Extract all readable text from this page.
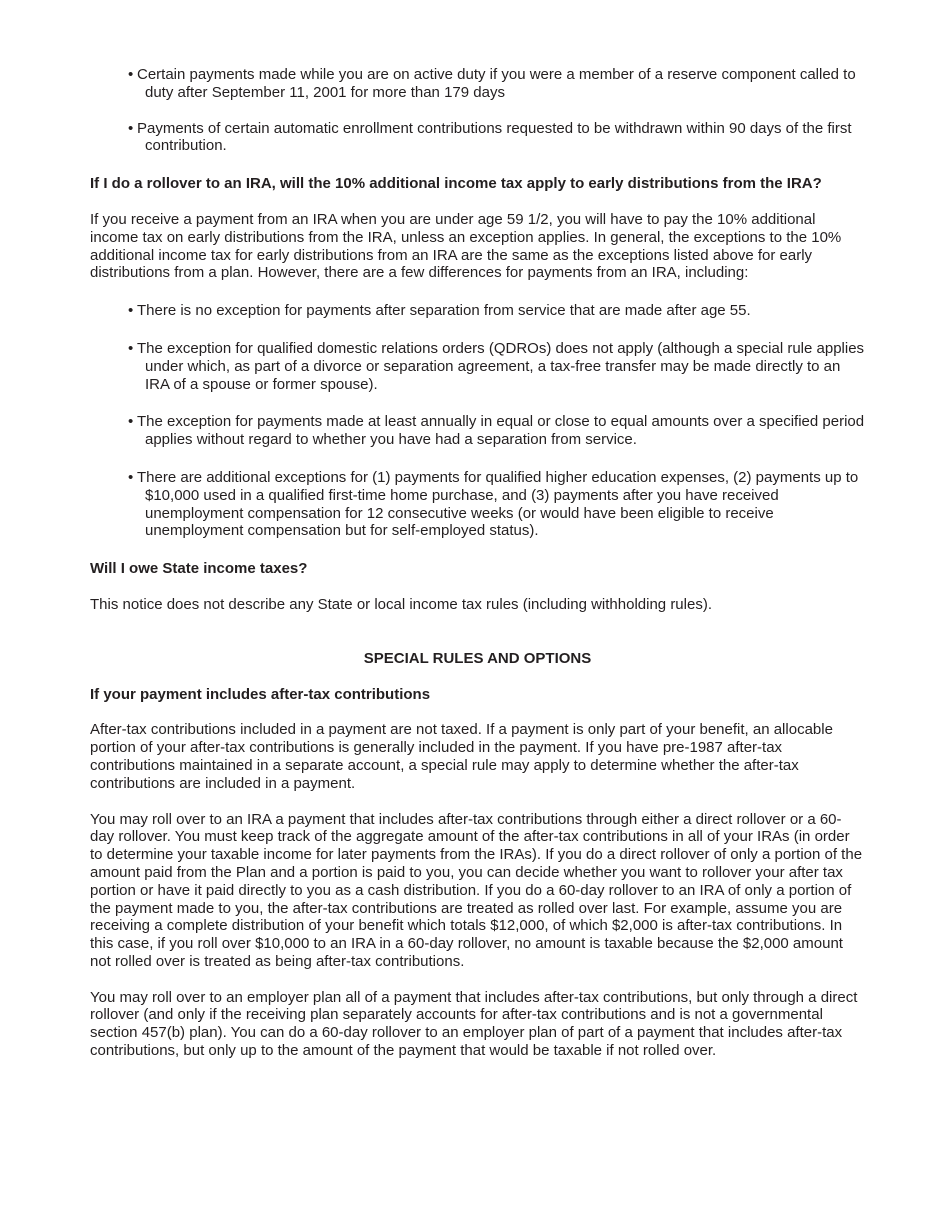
• Certain payments made while you are on active duty if you were a member of a reserve component called to duty after September 11, 2001 for more than 179 days
• Payments of certain automatic enrollment contributions requested to be withdrawn within 90 days of the first contribution.

If I do a rollover to an IRA, will the 10% additional income tax apply to early distributions from the IRA?

If you receive a payment from an IRA when you are under age 59 1/2, you will have to pay the 10% additional income tax on early distributions from the IRA, unless an exception applies. In general, the exceptions to the 10% additional income tax for early distributions from an IRA are the same as the exceptions listed above for early distributions from a plan. However, there are a few differences for payments from an IRA, including:

• There is no exception for payments after separation from service that are made after age 55.
• The exception for qualified domestic relations orders (QDROs) does not apply (although a special rule applies under which, as part of a divorce or separation agreement, a tax-free transfer may be made directly to an IRA of a spouse or former spouse).
• The exception for payments made at least annually in equal or close to equal amounts over a specified period applies without regard to whether you have had a separation from service.
• There are additional exceptions for (1) payments for qualified higher education expenses, (2) payments up to $10,000 used in a qualified first-time home purchase, and (3) payments after you have received unemployment compensation for 12 consecutive weeks (or would have been eligible to receive unemployment compensation but for self-employed status).

Will I owe State income taxes?

This notice does not describe any State or local income tax rules (including withholding rules).

SPECIAL RULES AND OPTIONS

If your payment includes after-tax contributions

After-tax contributions included in a payment are not taxed. If a payment is only part of your benefit, an allocable portion of your after-tax contributions is generally included in the payment. If you have pre-1987 after-tax contributions maintained in a separate account, a special rule may apply to determine whether the after-tax contributions are included in a payment.

You may roll over to an IRA a payment that includes after-tax contributions through either a direct rollover or a 60-day rollover. You must keep track of the aggregate amount of the after-tax contributions in all of your IRAs (in order to determine your taxable income for later payments from the IRAs). If you do a direct rollover of only a portion of the amount paid from the Plan and a portion is paid to you, you can decide whether you want to rollover your after tax portion or have it paid directly to you as a cash distribution. If you do a 60-day rollover to an IRA of only a portion of the payment made to you, the after-tax contributions are treated as rolled over last. For example, assume you are receiving a complete distribution of your benefit which totals $12,000, of which $2,000 is after-tax contributions. In this case, if you roll over $10,000 to an IRA in a 60-day rollover, no amount is taxable because the $2,000 amount not rolled over is treated as being after-tax contributions.

You may roll over to an employer plan all of a payment that includes after-tax contributions, but only through a direct rollover (and only if the receiving plan separately accounts for after-tax contributions and is not a governmental section 457(b) plan). You can do a 60-day rollover to an employer plan of part of a payment that includes after-tax contributions, but only up to the amount of the payment that would be taxable if not rolled over.
